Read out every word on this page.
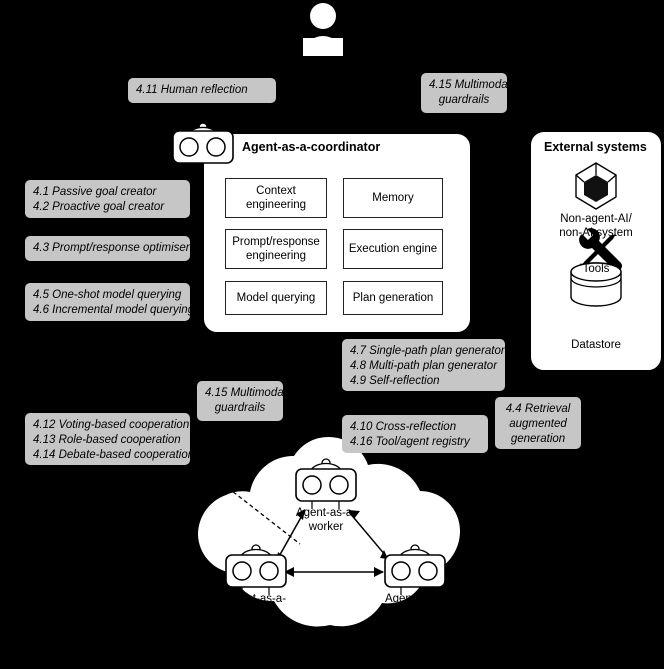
Agent-as-a-coordinator
Context
engineering
Memory
Prompt/response
engineering
Execution engine
Model querying	Plan generation
External systems
Non-agent-AI/
non-AI system
Tools
Datastore
Agent-as-a-
worker
Agent-as-a-
worker
Agent-as-a-
worker
4.11 Human reflection	4.15 Multimodal
guardrails
4.1 Passive goal creator
4.2 Proactive goal creator
4.3 Prompt/response optimiser
4.5 One-shot model querying
4.6 Incremental model querying
4.7 Single-path plan generator
4.8 Multi-path plan generator
4.9 Self-reflection
4.15 Multimodal
guardrails
4.12 Voting-based cooperation
4.13 Role-based cooperation
4.14 Debate-based cooperation
4.10 Cross-reflection
4.16 Tool/agent registry
4.4 Retrieval
augmented
generation
